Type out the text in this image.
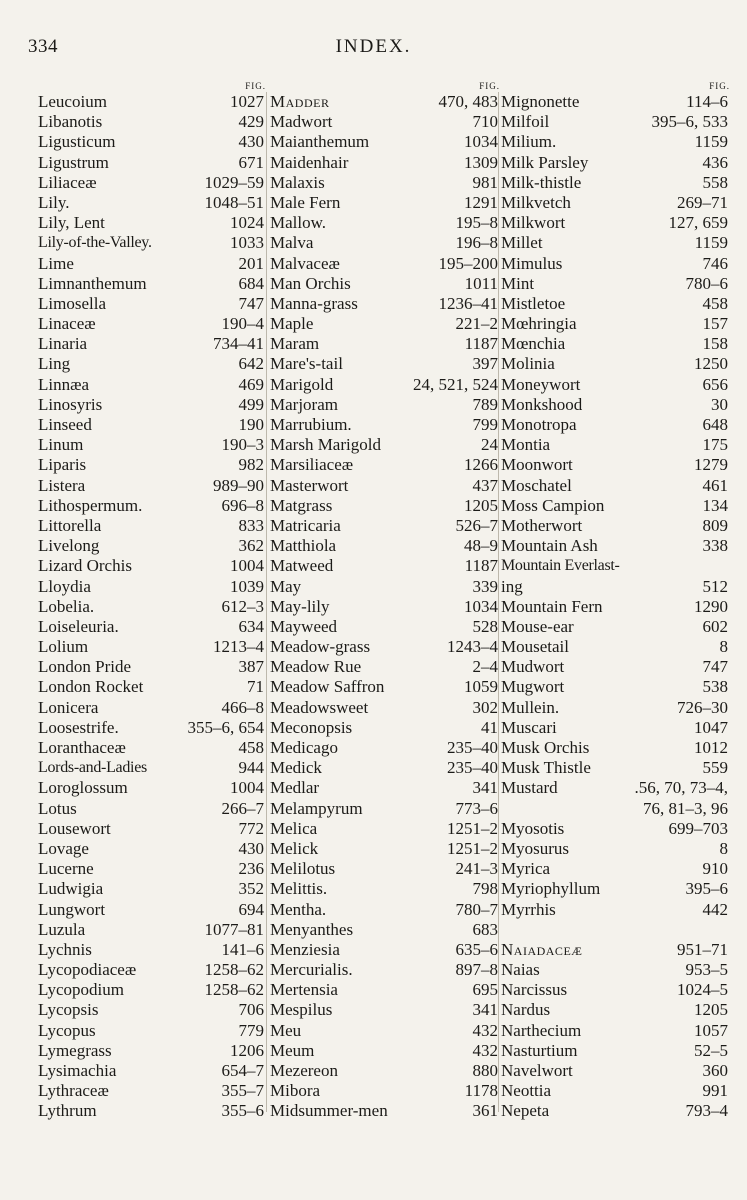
334	INDEX.
FIG.
Leucoium	1027
Libanotis	429
Ligusticum	430
Ligustrum	671
Liliaceæ	1029–59
Lily.	1048–51
Lily, Lent	1024
Lily-of-the-Valley.	1033
Lime	201
Limnanthemum	684
Limosella	747
Linaceæ	190–4
Linaria	734–41
Ling	642
Linnæa	469
Linosyris	499
Linseed	190
Linum	190–3
Liparis	982
Listera	989–90
Lithospermum.	696–8
Littorella	833
Livelong	362
Lizard Orchis	1004
Lloydia	1039
Lobelia.	612–3
Loiseleuria.	634
Lolium	1213–4
London Pride	387
London Rocket	71
Lonicera	466–8
Loosestrife.	355–6, 654
Loranthaceæ	458
Lords-and-Ladies	944
Loroglossum	1004
Lotus	266–7
Lousewort	772
Lovage	430
Lucerne	236
Ludwigia	352
Lungwort	694
Luzula	1077–81
Lychnis	141–6
Lycopodiaceæ	1258–62
Lycopodium	1258–62
Lycopsis	706
Lycopus	779
Lymegrass	1206
Lysimachia	654–7
Lythraceæ	355–7
Lythrum	355–6
FIG.
Madder	470, 483
Madwort	710
Maianthemum	1034
Maidenhair	1309
Malaxis	981
Male Fern	1291
Mallow.	195–8
Malva	196–8
Malvaceæ	195–200
Man Orchis	1011
Manna-grass	1236–41
Maple	221–2
Maram	1187
Mare's-tail	397
Marigold	24, 521, 524
Marjoram	789
Marrubium.	799
Marsh Marigold	24
Marsiliaceæ	1266
Masterwort	437
Matgrass	1205
Matricaria	526–7
Matthiola	48–9
Matweed	1187
May	339
May-lily	1034
Mayweed	528
Meadow-grass	1243–4
Meadow Rue	2–4
Meadow Saffron	1059
Meadowsweet	302
Meconopsis	41
Medicago	235–40
Medick	235–40
Medlar	341
Melampyrum	773–6
Melica	1251–2
Melick	1251–2
Melilotus	241–3
Melittis.	798
Mentha.	780–7
Menyanthes	683
Menziesia	635–6
Mercurialis.	897–8
Mertensia	695
Mespilus	341
Meu	432
Meum	432
Mezereon	880
Mibora	1178
Midsummer-men	361
FIG.
Mignonette	114–6
Milfoil	395–6, 533
Milium.	1159
Milk Parsley	436
Milk-thistle	558
Milkvetch	269–71
Milkwort	127, 659
Millet	1159
Mimulus	746
Mint	780–6
Mistletoe	458
Mœhringia	157
Mœnchia	158
Molinia	1250
Moneywort	656
Monkshood	30
Monotropa	648
Montia	175
Moonwort	1279
Moschatel	461
Moss Campion	134
Motherwort	809
Mountain Ash	338
Mountain Everlast-
ing	512
Mountain Fern	1290
Mouse-ear	602
Mousetail	8
Mudwort	747
Mugwort	538
Mullein.	726–30
Muscari	1047
Musk Orchis	1012
Musk Thistle	559
Mustard	.56, 70, 73–4,
76, 81–3, 96
Myosotis	699–703
Myosurus	8
Myrica	910
Myriophyllum	395–6
Myrrhis	442
Naiadaceæ	951–71
Naias	953–5
Narcissus	1024–5
Nardus	1205
Narthecium	1057
Nasturtium	52–5
Navelwort	360
Neottia	991
Nepeta	793–4
